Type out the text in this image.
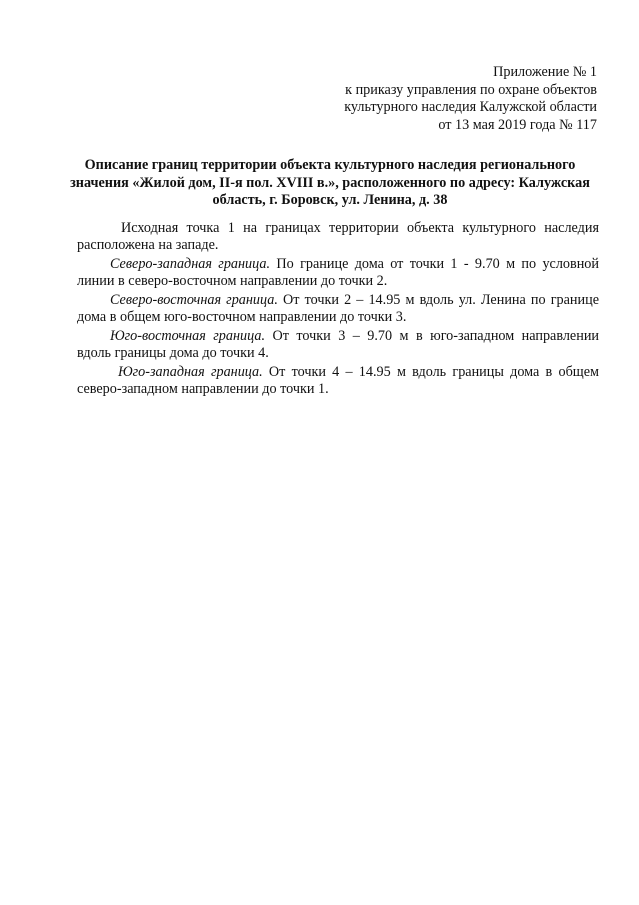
Приложение № 1
к приказу управления по охране объектов
культурного наследия Калужской области
от 13 мая 2019 года № 117
Описание границ территории объекта культурного наследия регионального
значения «Жилой дом, II-я пол. XVIII в.», расположенного по адресу: Калужская
область, г. Боровск, ул. Ленина, д. 38
Исходная точка 1 на границах территории объекта культурного наследия
расположена на западе.
Северо-западная граница. По границе дома от точки 1 - 9.70 м по условной
линии в северо-восточном направлении до точки 2.
Северо-восточная граница. От точки 2 – 14.95 м вдоль ул. Ленина по границе
дома в общем юго-восточном направлении до точки 3.
Юго-восточная граница. От точки 3 – 9.70 м в юго-западном направлении
вдоль границы дома до точки 4.
Юго-западная граница. От точки 4 – 14.95 м вдоль границы дома в общем
северо-западном направлении до точки 1.
